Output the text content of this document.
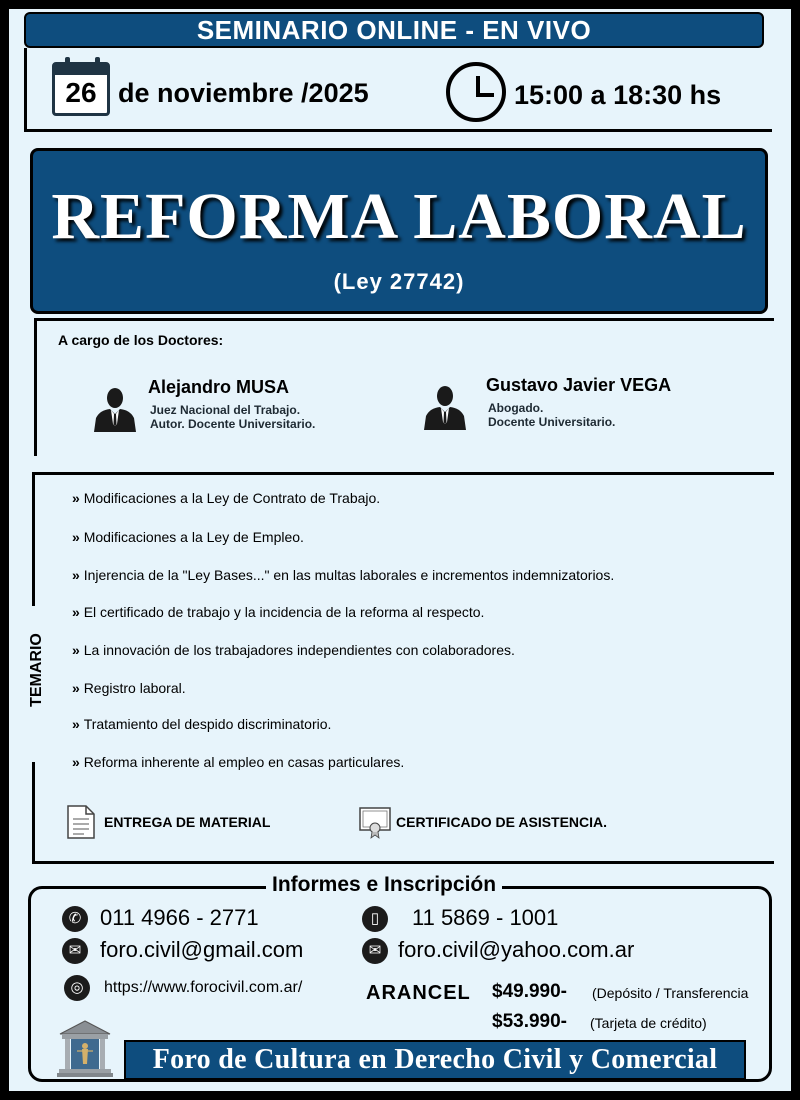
SEMINARIO ONLINE - EN VIVO
26 de noviembre /2025	15:00 a 18:30 hs
REFORMA LABORAL
(Ley 27742)
A cargo de los Doctores:
Alejandro MUSA
Juez Nacional del Trabajo.
Autor. Docente Universitario.
Gustavo Javier VEGA
Abogado.
Docente Universitario.
TEMARIO
» Modificaciones a la Ley de Contrato de Trabajo.
» Modificaciones a la Ley de Empleo.
» Injerencia de la "Ley Bases..." en las multas laborales e incrementos indemnizatorios.
» El certificado de trabajo y la incidencia de la reforma al respecto.
» La innovación de los trabajadores independientes con colaboradores.
» Registro laboral.
» Tratamiento del despido discriminatorio.
» Reforma inherente al empleo en casas particulares.
ENTREGA DE MATERIAL	CERTIFICADO DE ASISTENCIA.
Informes e Inscripción
✆ 011 4966 - 2771	▯	11 5869 - 1001
✉ foro.civil@gmail.com	✉ foro.civil@yahoo.com.ar
◎	https://www.forocivil.com.ar/	ARANCEL $49.990- (Depósito / Transferencia
$53.990- (Tarjeta de crédito)
Foro de Cultura en Derecho Civil y Comercial
